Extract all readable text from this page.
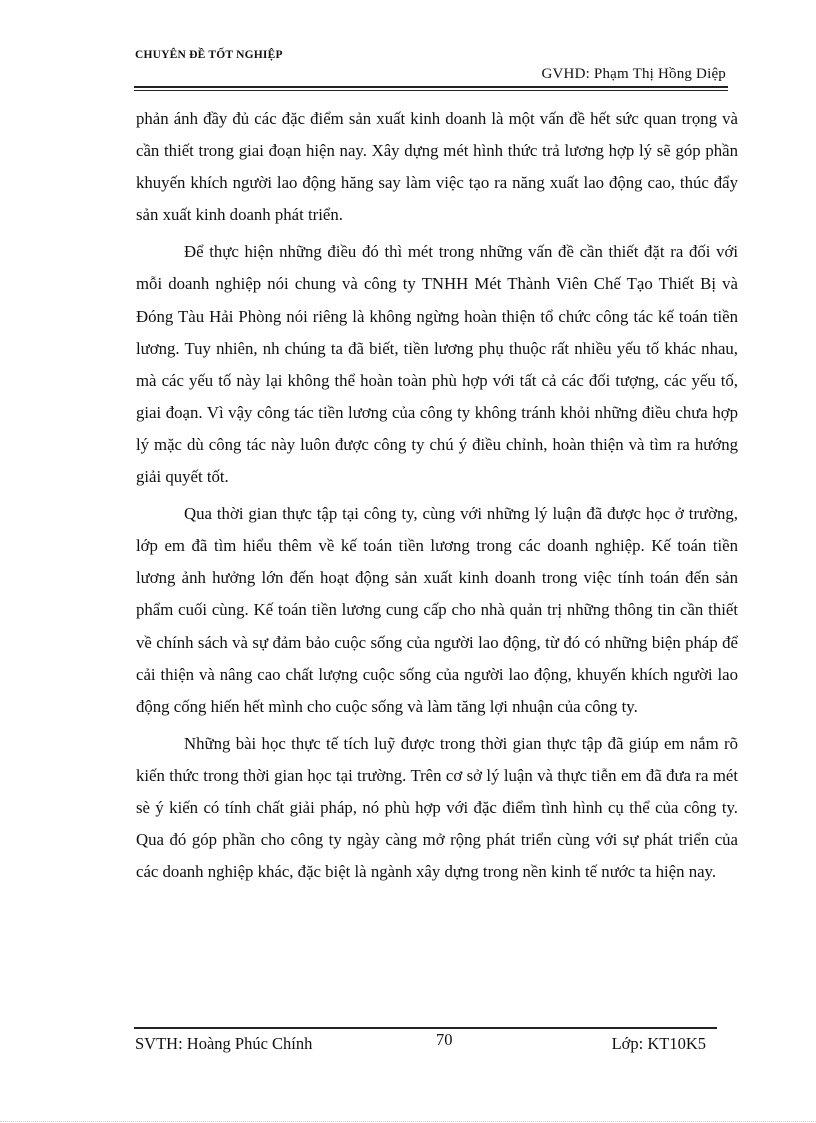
CHUYÊN ĐỀ TỐT NGHIỆP
GVHD: Phạm Thị Hồng Diệp

phản ánh đầy đủ các đặc điểm sản xuất kinh doanh là một vấn đề hết sức quan trọng và cần thiết trong giai đoạn hiện nay. Xây dựng mét hình thức trả lương hợp lý sẽ góp phần khuyến khích người lao động hăng say làm việc tạo ra năng xuất lao động cao, thúc đẩy sản xuất kinh doanh phát triển.

Để thực hiện những điều đó thì mét trong những vấn đề cần thiết đặt ra đối với mỗi doanh nghiệp nói chung và công ty TNHH Mét Thành Viên Chế Tạo Thiết Bị và Đóng Tàu Hải Phòng nói riêng là không ngừng hoàn thiện tổ chức công tác kế toán tiền lương. Tuy nhiên, nh chúng ta đã biết, tiền lương phụ thuộc rất nhiều yếu tố khác nhau, mà các yếu tố này lại không thể hoàn toàn phù hợp với tất cả các đối tượng, các yếu tố, giai đoạn. Vì vậy công tác tiền lương của công ty không tránh khỏi những điều chưa hợp lý mặc dù công tác này luôn được công ty chú ý điều chỉnh, hoàn thiện và tìm ra hướng giải quyết tốt.

Qua thời gian thực tập tại công ty, cùng với những lý luận đã được học ở trường, lớp em đã tìm hiểu thêm về kế toán tiền lương trong các doanh nghiệp. Kế toán tiền lương ảnh hưởng lớn đến hoạt động sản xuất kinh doanh trong việc tính toán đến sản phẩm cuối cùng. Kế toán tiền lương cung cấp cho nhà quản trị những thông tin cần thiết về chính sách và sự đảm bảo cuộc sống của người lao động, từ đó có những biện pháp để cải thiện và nâng cao chất lượng cuộc sống của người lao động, khuyến khích người lao động cống hiến hết mình cho cuộc sống và làm tăng lợi nhuận của công ty.

Những bài học thực tế tích luỹ được trong thời gian thực tập đã giúp em nắm rõ kiến thức trong thời gian học tại trường. Trên cơ sở lý luận và thực tiễn em đã đưa ra mét sè ý kiến có tính chất giải pháp, nó phù hợp với đặc điểm tình hình cụ thể của công ty. Qua đó góp phần cho công ty ngày càng mở rộng phát triển cùng với sự phát triển của các doanh nghiệp khác, đặc biệt là ngành xây dựng trong nền kinh tế nước ta hiện nay.

SVTH: Hoàng Phúc Chính	70	Lớp: KT10K5
